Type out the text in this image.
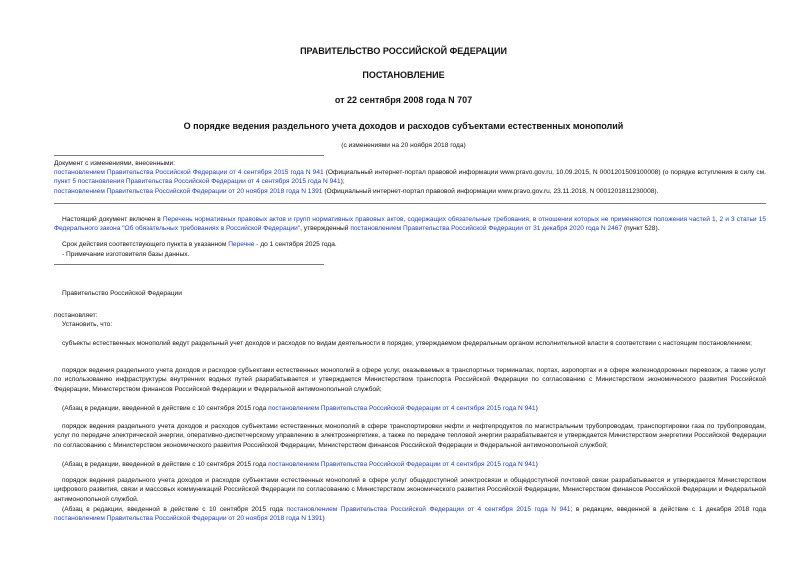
ПРАВИТЕЛЬСТВО РОССИЙСКОЙ ФЕДЕРАЦИИ
ПОСТАНОВЛЕНИЕ
от 22 сентября 2008 года N 707
О порядке ведения раздельного учета доходов и расходов субъектами естественных монополий
(с изменениями на 20 ноября 2018 года)
Документ с изменениями, внесенными:
постановлением Правительства Российской Федерации от 4 сентября 2015 года N 941 (Официальный интернет-портал правовой информации www.pravo.gov.ru, 10.09.2015, N 0001201509100008) (о порядке вступления в силу см. пункт 5 постановления Правительства Российской Федерации от 4 сентября 2015 года N 941);
постановлением Правительства Российской Федерации от 20 ноября 2018 года N 1391 (Официальный интернет-портал правовой информации www.pravo.gov.ru, 23.11.2018, N 0001201811230008).
Настоящий документ включен в Перечень нормативных правовых актов и групп нормативных правовых актов, содержащих обязательные требования, в отношении которых не применяются положения частей 1, 2 и 3 статьи 15 Федерального закона "Об обязательных требованиях в Российской Федерации", утвержденный постановлением Правительства Российской Федерации от 31 декабря 2020 года N 2467 (пункт 528).
Срок действия соответствующего пункта в указанном Перечне - до 1 сентября 2025 года.
- Примечание изготовителя базы данных.
Правительство Российской Федерации
постановляет:
Установить, что:
субъекты естественных монополий ведут раздельный учет доходов и расходов по видам деятельности в порядке, утверждаемом федеральным органом исполнительной власти в соответствии с настоящим постановлением;
порядок ведения раздельного учета доходов и расходов субъектами естественных монополий в сфере услуг, оказываемых в транспортных терминалах, портах, аэропортах и в сфере железнодорожных перевозок, а также услуг по использованию инфраструктуры внутренних водных путей разрабатывается и утверждается Министерством транспорта Российской Федерации по согласованию с Министерством экономического развития Российской Федерации, Министерством финансов Российской Федерации и Федеральной антимонопольной службой;
(Абзац в редакции, введенной в действие с 10 сентября 2015 года постановлением Правительства Российской Федерации от 4 сентября 2015 года N 941)
порядок ведения раздельного учета доходов и расходов субъектами естественных монополий в сфере транспортировки нефти и нефтепродуктов по магистральным трубопроводам, транспортировки газа по трубопроводам, услуг по передаче электрической энергии, оперативно-диспетчерскому управлению в электроэнергетике, а также по передаче тепловой энергии разрабатывается и утверждается Министерством энергетики Российской Федерации по согласованию с Министерством экономического развития Российской Федерации, Министерством финансов Российской Федерации и Федеральной антимонопольной службой;
(Абзац в редакции, введенной в действие с 10 сентября 2015 года постановлением Правительства Российской Федерации от 4 сентября 2015 года N 941)
порядок ведения раздельного учета доходов и расходов субъектами естественных монополий в сфере услуг общедоступной электросвязи и общедоступной почтовой связи разрабатывается и утверждается Министерством цифрового развития, связи и массовых коммуникаций Российской Федерации по согласованию с Министерством экономического развития Российской Федерации, Министерством финансов Российской Федерации и Федеральной антимонопольной службой.
(Абзац в редакции, введенной в действие с 10 сентября 2015 года постановлением Правительства Российской Федерации от 4 сентября 2015 года N 941; в редакции, введенной в действие с 1 декабря 2018 года постановлением Правительства Российской Федерации от 20 ноября 2018 года N 1391)
